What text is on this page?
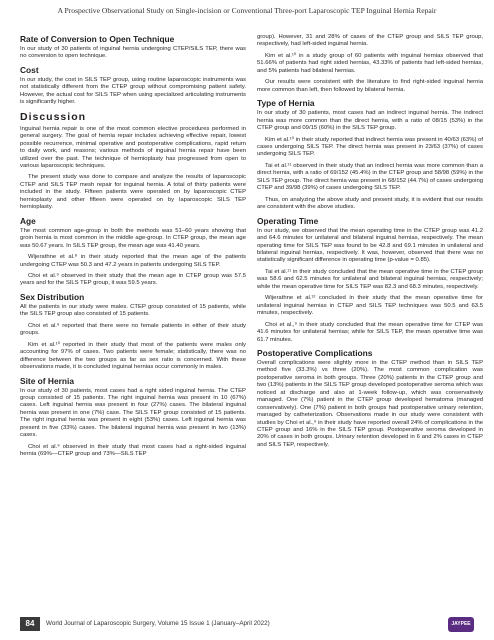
A Prospective Observational Study on Single-incision or Conventional Three-port Laparoscopic TEP Inguinal Hernia Repair
Rate of Conversion to Open Technique

In our study of 30 patients of inguinal hernia undergoing CTEP/SILS TEP, there was no conversion to open technique.

Cost

In our study, the cost in SILS TEP group, using routine laparoscopic instruments was not statistically different from the CTEP group without compromising patient safety. However, the actual cost for SILS TEP when using specialized articulating instruments is significantly higher.

Discussion

Inguinal hernia repair is one of the most common elective procedures performed in general surgery. The goal of hernia repair includes achieving effective repair, lowest possible recurrence, minimal operative and postoperative complications, rapid return to daily work, and reasons; various methods of inguinal hernia repair have been utilized over the past. The technique of hernioplasty has progressed from open to various laparoscopic techniques.

The present study was done to compare and analyze the results of laparoscopic CTEP and SILS TEP mesh repair for inguinal hernia. A total of thirty patients were included in the study. Fifteen patients were operated on by laparoscopic CTEP hernioplasty and other fifteen were operated on by laparoscopic SILS TEP hernioplasty.

Age

The most common age-group in both the methods was 51–60 years showing that groin hernia is most common in the middle age-group. In CTEP group, the mean age was 50.67 years. In SILS TEP group, the mean age was 41.40 years.

Wijerathne et al.⁸ in their study reported that the mean age of the patients undergoing CTEP was 50.3 and 47.2 years in patients undergoing SILS TEP.

Choi et al.⁹ observed in their study that the mean age in CTEP group was 57.5 years and for the SILS TEP group, it was 59.5 years.

Sex Distribution

All the patients in our study were males. CTEP group consisted of 15 patients, while the SILS TEP group also consisted of 15 patients.

Choi et al.⁹ reported that there were no female patients in either of their study groups.

Kim et al.¹⁰ reported in their study that most of the patients were males only accounting for 97% of cases. Two patients were female; statistically, there was no difference between the two groups as far as sex ratio is concerned. With these observations made, it is concluded inguinal hernias occur commonly in males.

Site of Hernia

In our study of 30 patients, most cases had a right sided inguinal hernia. The CTEP group consisted of 15 patients. The right inguinal hernia was present in 10 (67%) cases. Left inguinal hernia was present in four (27%) cases. The bilateral inguinal hernia was present in one (7%) case. The SILS TEP group consisted of 15 patients. The right inguinal hernia was present in eight (53%) cases. Left inguinal hernia was present in five (33%) cases. The bilateral inguinal hernia was present in two (13%) cases.

Choi et al.⁹ observed in their study that most cases had a right-sided inguinal hernia (69%—CTEP group and 73%—SILS TEP

group). However, 31 and 28% of cases of the CTEP group and SILS TEP group, respectively, had left-sided inguinal hernia.

Kim et al.¹⁰ in a study group of 60 patients with inguinal hernias observed that 51.66% of patients had right sided hernias, 43.33% of patients had left-sided hernias, and 5% patients had bilateral hernias.

Our results were consistent with the literature to find right-sided inguinal hernia more common than left, then followed by bilateral hernia.

Type of Hernia

In our study of 30 patients, most cases had an indirect inguinal hernia. The indirect hernia was more common than the direct hernia, with a ratio of 08/15 (53%) in the CTEP group and 09/15 (60%) in the SILS TEP group.

Kim et al.¹⁰ in their study reported that indirect hernia was present in 40/63 (63%) of cases undergoing SILS TEP. The direct hernia was present in 23/63 (37%) of cases undergoing SILS TEP.

Tai et al.¹¹ observed in their study that an indirect hernia was more common than a direct hernia, with a ratio of 69/152 (45.4%) in the CTEP group and 58/98 (59%) in the SILS TEP group. The direct hernia was present in 68/152 (44.7%) of cases undergoing CTEP and 39/98 (39%) of cases undergoing SILS TEP.

Thus, on analyzing the above study and present study, it is evident that our results are consistent with the above studies.

Operating Time

In our study, we observed that the mean operating time in the CTEP group was 41.2 and 64.6 minutes for unilateral and bilateral inguinal hernias, respectively. The mean operating time for SILS TEP was found to be 42.8 and 69.1 minutes in unilateral and bilateral inguinal hernias, respectively. It was, however, observed that there was no statistically significant difference in operating time (p-value = 0.85).

Tai et al.¹¹ in their study concluded that the mean operative time in the CTEP group was 58.6 and 62.5 minutes for unilateral and bilateral inguinal hernias, respectively; while the mean operative time for SILS TEP was 82.3 and 68.3 minutes, respectively.

Wijerathne et al.¹² concluded in their study that the mean operative time for unilateral inguinal hernias in CTEP and SILS TEP techniques was 50.5 and 63.5 minutes, respectively.

Choi et al.,⁹ in their study concluded that the mean operative time for CTEP was 41.6 minutes for unilateral hernias; while for SILS TEP, the mean operative time was 61.7 minutes.

Postoperative Complications

Overall complications were slightly more in the CTEP method than in SILS TEP method five (33.3%) vs three (20%). The most common complication was postoperative seroma in both groups. Three (20%) patients in the CTEP group and two (13%) patients in the SILS TEP group developed postoperative seroma which was noticed at discharge and also at 1-week follow-up, which was conservatively managed. One (7%) patient in the CTEP group developed hematoma (managed conservatively). One (7%) patient in both groups had postoperative urinary retention, managed by catheterization. Observations made in our study were consistent with studies by Choi et al.,⁹ in their study have reported overall 24% of complications in the CTEP group and 16% in the SILS TEP group. Postoperative seroma developed in 20% of cases in both groups. Urinary retention developed in 6 and 2% cases in CTEP and SILS TEP, respectively.

84	World Journal of Laparoscopic Surgery, Volume 15 Issue 1 (January–April 2022)	JAYPEE
